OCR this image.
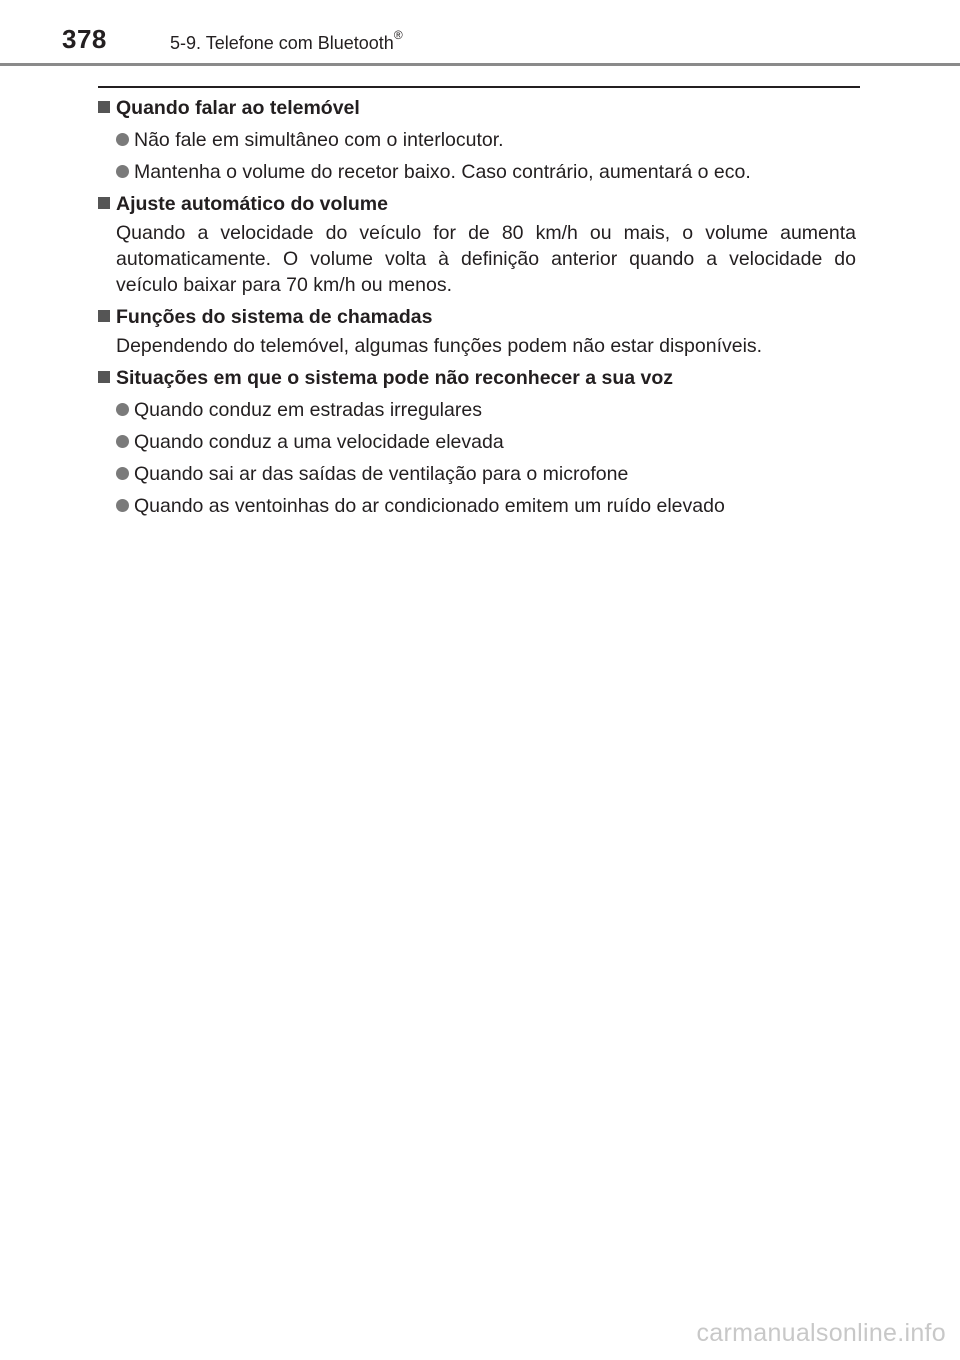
378	5-9. Telefone com Bluetooth®
Quando falar ao telemóvel
Não fale em simultâneo com o interlocutor.
Mantenha o volume do recetor baixo. Caso contrário, aumentará o eco.
Ajuste automático do volume
Quando a velocidade do veículo for de 80 km/h ou mais, o volume aumenta automaticamente. O volume volta à definição anterior quando a velocidade do veículo baixar para 70 km/h ou menos.
Funções do sistema de chamadas
Dependendo do telemóvel, algumas funções podem não estar disponíveis.
Situações em que o sistema pode não reconhecer a sua voz
Quando conduz em estradas irregulares
Quando conduz a uma velocidade elevada
Quando sai ar das saídas de ventilação para o microfone
Quando as ventoinhas do ar condicionado emitem um ruído elevado
carmanualsonline.info
